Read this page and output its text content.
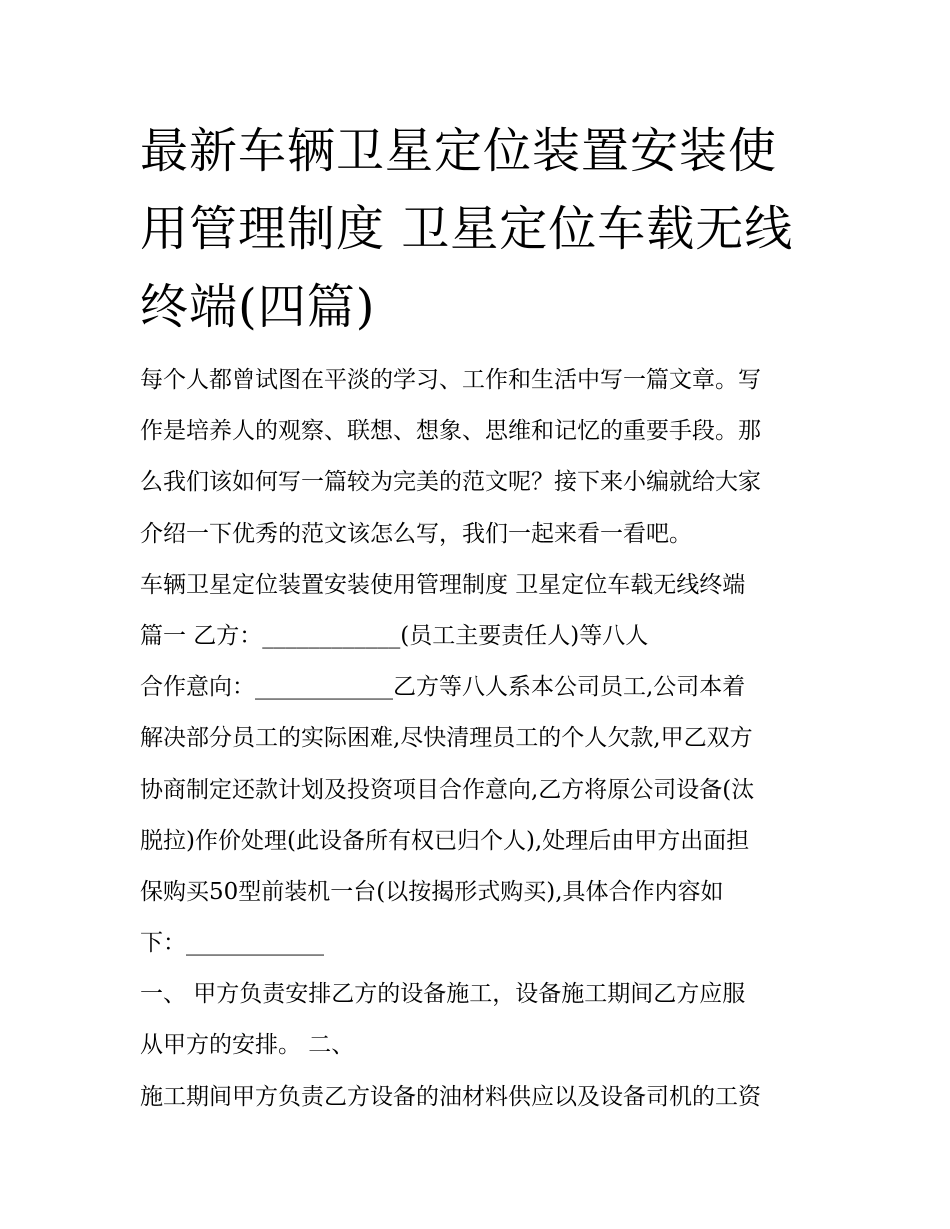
最新车辆卫星定位装置安装使
用管理制度 卫星定位车载无线
终端(四篇)
每个人都曾试图在平淡的学习、工作和生活中写一篇文章。写
作是培养人的观察、联想、想象、思维和记忆的重要手段。那
么我们该如何写一篇较为完美的范文呢？接下来小编就给大家
介绍一下优秀的范文该怎么写，我们一起来看一看吧。
车辆卫星定位装置安装使用管理制度 卫星定位车载无线终端
篇一 乙方：____________(员工主要责任人)等八人
合作意向：____________乙方等八人系本公司员工,公司本着
解决部分员工的实际困难,尽快清理员工的个人欠款,甲乙双方
协商制定还款计划及投资项目合作意向,乙方将原公司设备(汰
脱拉)作价处理(此设备所有权已归个人),处理后由甲方出面担
保购买50型前装机一台(以按揭形式购买),具体合作内容如
下：____________
一、 甲方负责安排乙方的设备施工，设备施工期间乙方应服
从甲方的安排。 二、
施工期间甲方负责乙方设备的油材料供应以及设备司机的工资
